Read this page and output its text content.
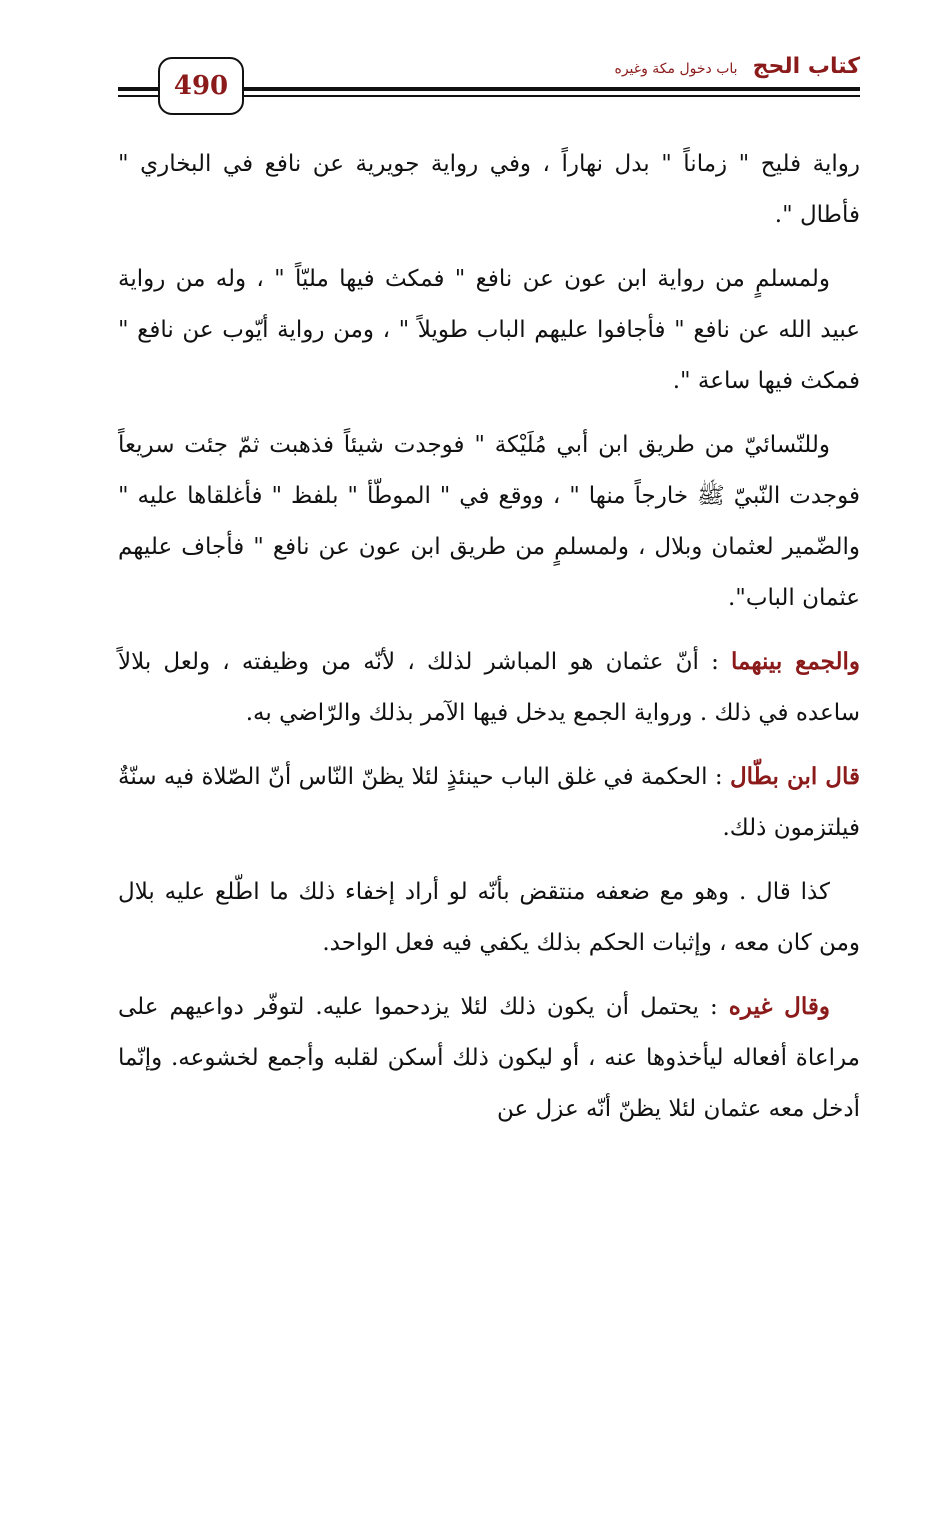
كتاب الحج باب دخول مكة وغيره
490

رواية فليح " زماناً " بدل نهاراً ، وفي رواية جويرية عن نافع في البخاري " فأطال ".

ولمسلمٍ من رواية ابن عون عن نافع " فمكث فيها مليّاً " ، وله من رواية عبيد الله عن نافع " فأجافوا عليهم الباب طويلاً " ، ومن رواية أيّوب عن نافع " فمكث فيها ساعة ".

وللنّسائيّ من طريق ابن أبي مُلَيْكة " فوجدت شيئاً فذهبت ثمّ جئت سريعاً فوجدت النّبيّ ﷺ خارجاً منها " ، ووقع في " الموطّأ " بلفظ " فأغلقاها عليه " والضّمير لعثمان وبلال ، ولمسلمٍ من طريق ابن عون عن نافع " فأجاف عليهم عثمان الباب".

والجمع بينهما : أنّ عثمان هو المباشر لذلك ، لأنّه من وظيفته ، ولعل بلالاً ساعده في ذلك . ورواية الجمع يدخل فيها الآمر بذلك والرّاضي به.

قال ابن بطّال : الحكمة في غلق الباب حينئذٍ لئلا يظنّ النّاس أنّ الصّلاة فيه سنّةٌ فيلتزمون ذلك.

كذا قال . وهو مع ضعفه منتقض بأنّه لو أراد إخفاء ذلك ما اطّلع عليه بلال ومن كان معه ، وإثبات الحكم بذلك يكفي فيه فعل الواحد.

وقال غيره : يحتمل أن يكون ذلك لئلا يزدحموا عليه. لتوفّر دواعيهم على مراعاة أفعاله ليأخذوها عنه ، أو ليكون ذلك أسكن لقلبه وأجمع لخشوعه. وإنّما أدخل معه عثمان لئلا يظنّ أنّه عزل عن
